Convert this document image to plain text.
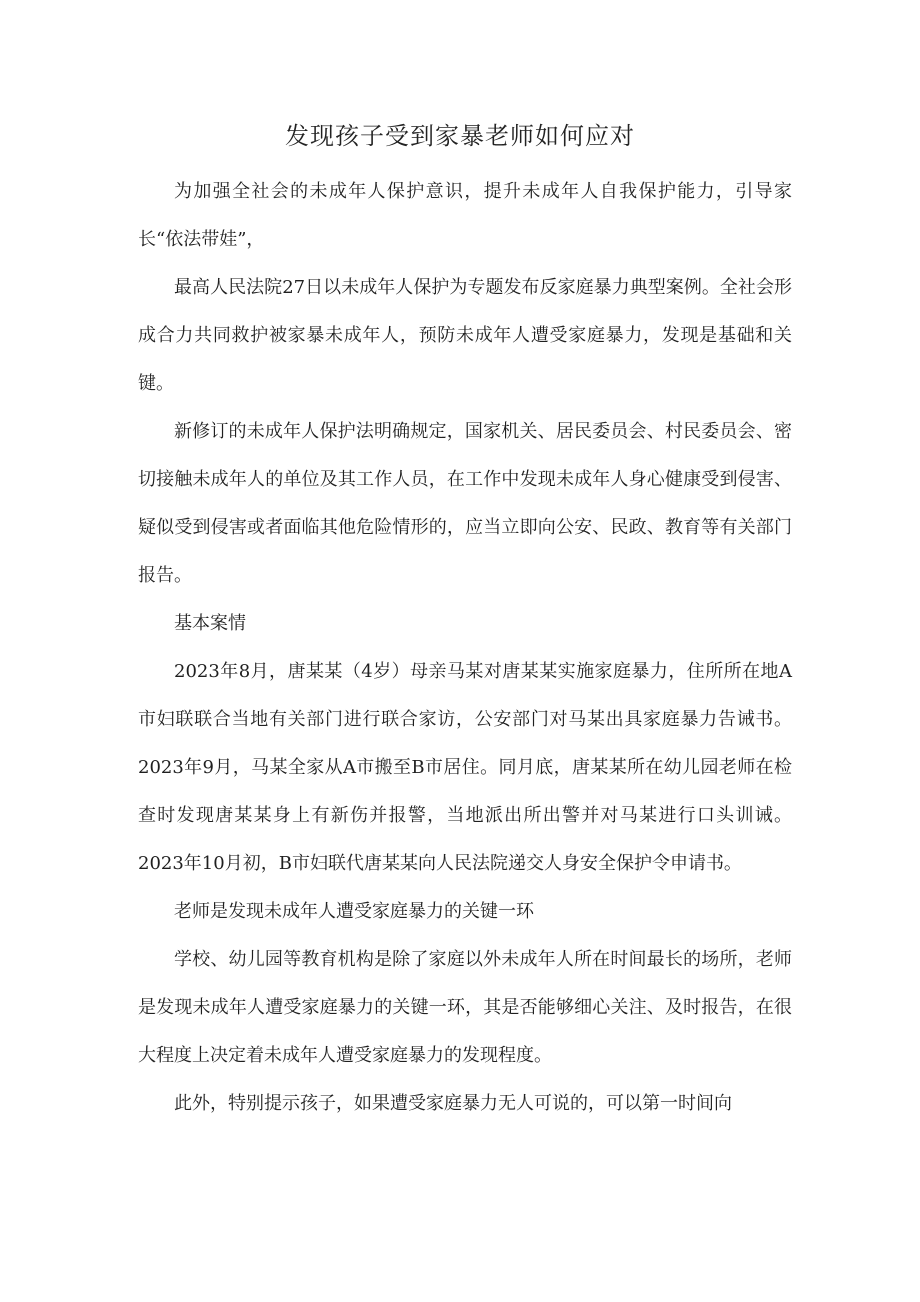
发现孩子受到家暴老师如何应对

为加强全社会的未成年人保护意识，提升未成年人自我保护能力，引导家长“依法带娃”，

最高人民法院27日以未成年人保护为专题发布反家庭暴力典型案例。全社会形成合力共同救护被家暴未成年人，预防未成年人遭受家庭暴力，发现是基础和关键。

新修订的未成年人保护法明确规定，国家机关、居民委员会、村民委员会、密切接触未成年人的单位及其工作人员，在工作中发现未成年人身心健康受到侵害、疑似受到侵害或者面临其他危险情形的，应当立即向公安、民政、教育等有关部门报告。

基本案情

2023年8月，唐某某（4岁）母亲马某对唐某某实施家庭暴力，住所所在地A市妇联联合当地有关部门进行联合家访，公安部门对马某出具家庭暴力告诫书。2023年9月，马某全家从A市搬至B市居住。同月底，唐某某所在幼儿园老师在检查时发现唐某某身上有新伤并报警，当地派出所出警并对马某进行口头训诫。2023年10月初，B市妇联代唐某某向人民法院递交人身安全保护令申请书。

老师是发现未成年人遭受家庭暴力的关键一环

学校、幼儿园等教育机构是除了家庭以外未成年人所在时间最长的场所，老师是发现未成年人遭受家庭暴力的关键一环，其是否能够细心关注、及时报告，在很大程度上决定着未成年人遭受家庭暴力的发现程度。

此外，特别提示孩子，如果遭受家庭暴力无人可说的，可以第一时间向
